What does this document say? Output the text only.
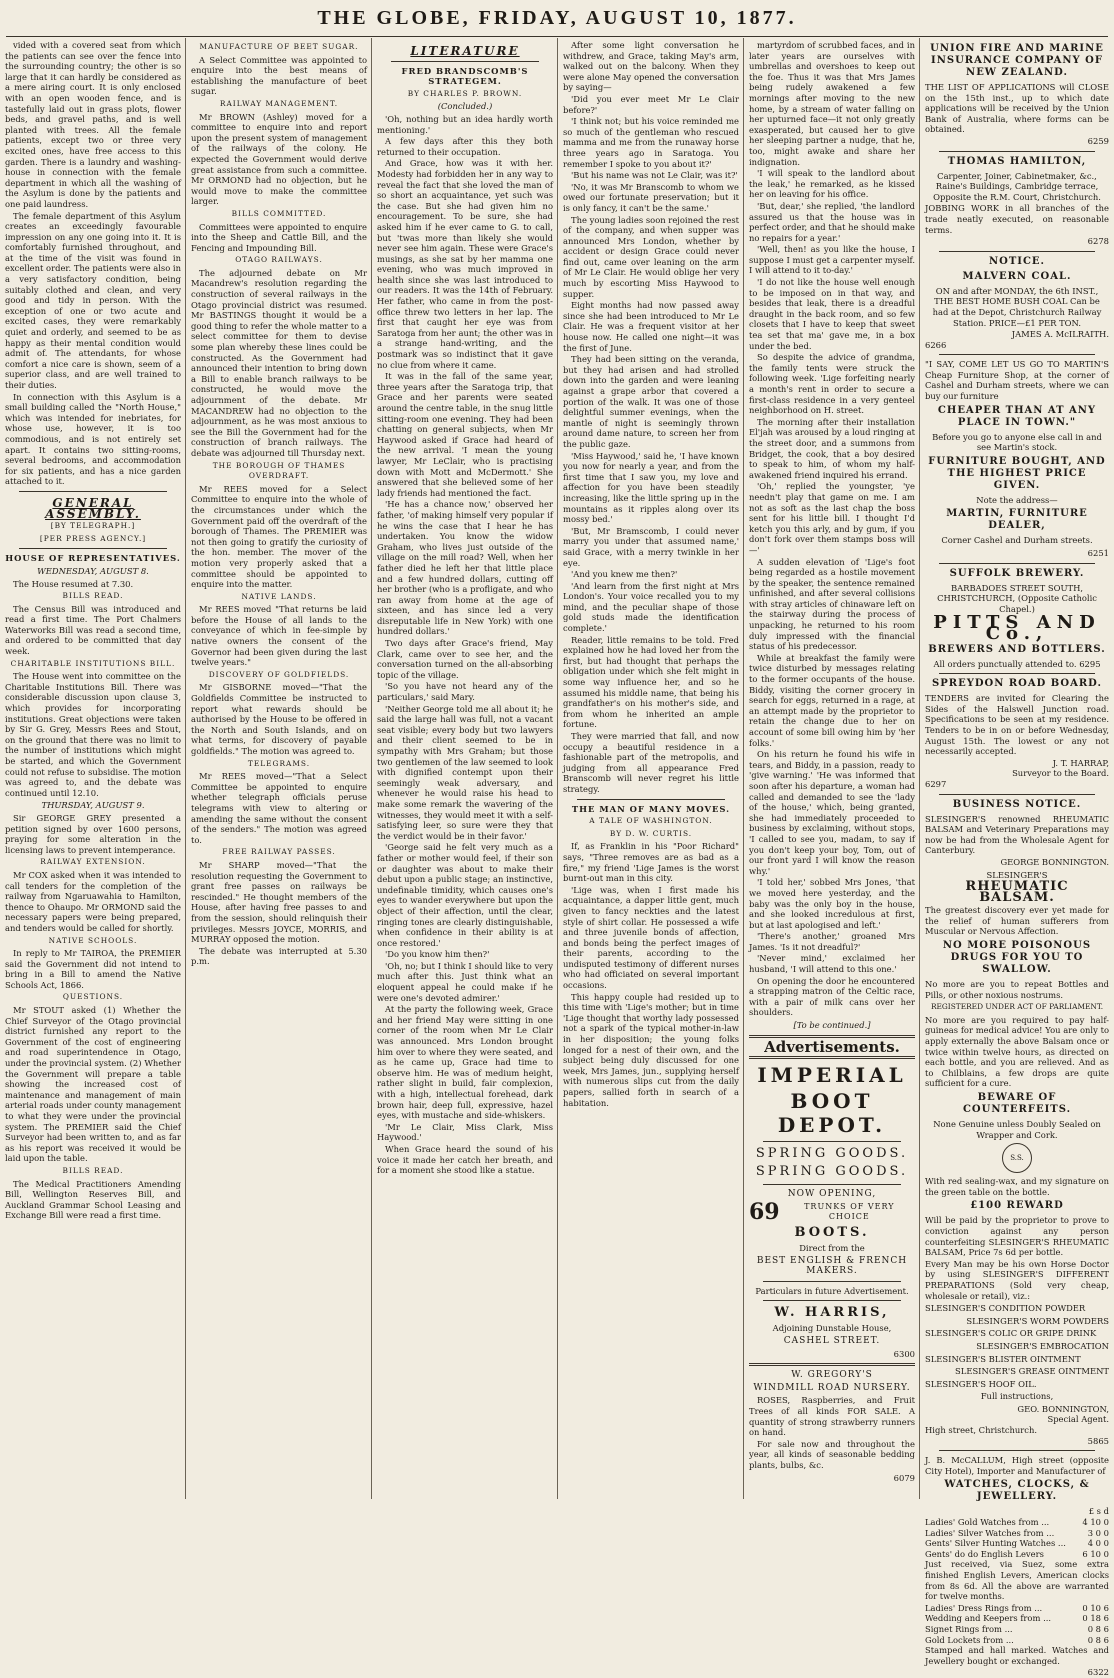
THE GLOBE, FRIDAY, AUGUST 10, 1877.

vided with a covered seat from which the patients can see over the fence into the surrounding country; the other is so large that it can hardly be considered as a mere airing court. It is only enclosed with an open wooden fence, and is tastefully laid out in grass plots, flower beds, and gravel paths, and is well planted with trees. All the female patients, except two or three very excited ones, have free access to this garden. There is a laundry and washing-house in connection with the female department in which all the washing of the Asylum is done by the patients and one paid laundress.

The female department of this Asylum creates an exceedingly favourable impression on any one going into it. It is comfortably furnished throughout, and at the time of the visit was found in excellent order. The patients were also in a very satisfactory condition, being suitably clothed and clean, and very good and tidy in person. With the exception of one or two acute and excited cases, they were remarkably quiet and orderly, and seemed to be as happy as their mental condition would admit of. The attendants, for whose comfort a nice care is shown, seem of a superior class, and are well trained to their duties.

In connection with this Asylum is a small building called the "North House," which was intended for inebriates, for whose use, however, it is too commodious, and is not entirely set apart. It contains two sitting-rooms, several bedrooms, and accommodation for six patients, and has a nice garden attached to it.

GENERAL ASSEMBLY.
[BY TELEGRAPH.]
[PER PRESS AGENCY.]
HOUSE OF REPRESENTATIVES.
WEDNESDAY, AUGUST 8.

The House resumed at 7.30.

BILLS READ.

The Census Bill was introduced and read a first time. The Port Chalmers Waterworks Bill was read a second time, and ordered to be committed that day week.

CHARITABLE INSTITUTIONS BILL.

The House went into committee on the Charitable Institutions Bill. There was considerable discussion upon clause 3, which provides for incorporating institutions. Great objections were taken by Sir G. Grey, Messrs Rees and Stout, on the ground that there was no limit to the number of institutions which might be started, and which the Government could not refuse to subsidise. The motion was agreed to, and the debate was continued until 12.10.

THURSDAY, AUGUST 9.

Sir GEORGE GREY presented a petition signed by over 1600 persons, praying for some alteration in the licensing laws to prevent intemperance.

RAILWAY EXTENSION.

Mr COX asked when it was intended to call tenders for the completion of the railway from Ngaruawahia to Hamilton, thence to Ohaupo. Mr ORMOND said the necessary papers were being prepared, and tenders would be called for shortly.

NATIVE SCHOOLS.

In reply to Mr TAIROA, the PREMIER said the Government did not intend to bring in a Bill to amend the Native Schools Act, 1866.

QUESTIONS.

Mr STOUT asked (1) Whether the Chief Surveyor of the Otago provincial district furnished any report to the Government of the cost of engineering and road superintendence in Otago, under the provincial system. (2) Whether the Government will prepare a table showing the increased cost of maintenance and management of main arterial roads under county management to what they were under the provincial system. The PREMIER said the Chief Surveyor had been written to, and as far as his report was received it would be laid upon the table.

BILLS READ.

The Medical Practitioners Amending Bill, Wellington Reserves Bill, and Auckland Grammar School Leasing and Exchange Bill were read a first time.

MANUFACTURE OF BEET SUGAR.

A Select Committee was appointed to enquire into the best means of establishing the manufacture of beet sugar.

RAILWAY MANAGEMENT.

Mr BROWN (Ashley) moved for a committee to enquire into and report upon the present system of management of the railways of the colony. He expected the Government would derive great assistance from such a committee. Mr ORMOND had no objection, but he would move to make the committee larger.

BILLS COMMITTED.

Committees were appointed to enquire into the Sheep and Cattle Bill, and the Fencing and Impounding Bill.

OTAGO RAILWAYS.

The adjourned debate on Mr Macandrew's resolution regarding the construction of several railways in the Otago provincial district was resumed. Mr BASTINGS thought it would be a good thing to refer the whole matter to a select committee for them to devise some plan whereby these lines could be constructed. As the Government had announced their intention to bring down a Bill to enable branch railways to be constructed, he would move the adjournment of the debate. Mr MACANDREW had no objection to the adjournment, as he was most anxious to see the Bill the Government had for the construction of branch railways. The debate was adjourned till Thursday next.

THE BOROUGH OF THAMES OVERDRAFT.

Mr REES moved for a Select Committee to enquire into the whole of the circumstances under which the Government paid off the overdraft of the borough of Thames. The PREMIER was not then going to gratify the curiosity of the hon. member. The mover of the motion very properly asked that a committee should be appointed to enquire into the matter.

NATIVE LANDS.

Mr REES moved "That returns be laid before the House of all lands to the conveyance of which in fee-simple by native owners the consent of the Governor had been given during the last twelve years."

DISCOVERY OF GOLDFIELDS.

Mr GISBORNE moved—"That the Goldfields Committee be instructed to report what rewards should be authorised by the House to be offered in the North and South Islands, and on what terms, for discovery of payable goldfields." The motion was agreed to.

TELEGRAMS.

Mr REES moved—"That a Select Committee be appointed to enquire whether telegraph officials peruse telegrams with view to altering or amending the same without the consent of the senders." The motion was agreed to.

FREE RAILWAY PASSES.

Mr SHARP moved—"That the resolution requesting the Government to grant free passes on railways be rescinded." He thought members of the House, after having free passes to and from the session, should relinquish their privileges. Messrs JOYCE, MORRIS, and MURRAY opposed the motion.

The debate was interrupted at 5.30 p.m.

LITERATURE
FRED BRANDSCOMB'S STRATEGEM.
BY CHARLES P. BROWN.
(Concluded.)

'Oh, nothing but an idea hardly worth mentioning.'

A few days after this they both returned to their occupation.

And Grace, how was it with her. Modesty had forbidden her in any way to reveal the fact that she loved the man of so short an acquaintance, yet such was the case. But she had given him no encouragement. To be sure, she had asked him if he ever came to G. to call, but 'twas more than likely she would never see him again. These were Grace's musings, as she sat by her mamma one evening, who was much improved in health since she was last introduced to our readers. It was the 14th of February. Her father, who came in from the post-office threw two letters in her lap. The first that caught her eye was from Saratoga from her aunt; the other was in a strange hand-writing, and the postmark was so indistinct that it gave no clue from where it came.

It was in the fall of the same year, three years after the Saratoga trip, that Grace and her parents were seated around the centre table, in the snug little sitting-room one evening. They had been chatting on general subjects, when Mr Haywood asked if Grace had heard of the new arrival. 'I mean the young lawyer, Mr LeClair, who is practising down with Mott and McDermott.' She answered that she believed some of her lady friends had mentioned the fact.

'He has a chance now,' observed her father, 'of making himself very popular if he wins the case that I hear he has undertaken. You know the widow Graham, who lives just outside of the village on the mill road? Well, when her father died he left her that little place and a few hundred dollars, cutting off her brother (who is a profligate, and who ran away from home at the age of sixteen, and has since led a very disreputable life in New York) with one hundred dollars.'

Two days after Grace's friend, May Clark, came over to see her, and the conversation turned on the all-absorbing topic of the village.

'So you have not heard any of the particulars,' said Mary.

'Neither George told me all about it; he said the large hall was full, not a vacant seat visible; every body but two lawyers and their client seemed to be in sympathy with Mrs Graham; but those two gentlemen of the law seemed to look with dignified contempt upon their seemingly weak adversary, and whenever he would raise his head to make some remark the wavering of the witnesses, they would meet it with a self-satisfying leer, so sure were they that the verdict would be in their favor.'

'George said he felt very much as a father or mother would feel, if their son or daughter was about to make their debut upon a public stage; an instinctive, undefinable timidity, which causes one's eyes to wander everywhere but upon the object of their affection, until the clear, ringing tones are clearly distinguishable, when confidence in their ability is at once restored.'

'Do you know him then?'

'Oh, no; but I think I should like to very much after this. Just think what an eloquent appeal he could make if he were one's devoted admirer.'

At the party the following week, Grace and her friend May were sitting in one corner of the room when Mr Le Clair was announced. Mrs London brought him over to where they were seated, and as he came up, Grace had time to observe him. He was of medium height, rather slight in build, fair complexion, with a high, intellectual forehead, dark brown hair, deep full, expressive, hazel eyes, with mustache and side-whiskers.

'Mr Le Clair, Miss Clark, Miss Haywood.'

When Grace heard the sound of his voice it made her catch her breath, and for a moment she stood like a statue.

After some light conversation he withdrew, and Grace, taking May's arm, walked out on the balcony. When they were alone May opened the conversation by saying—

'Did you ever meet Mr Le Clair before?'

'I think not; but his voice reminded me so much of the gentleman who rescued mamma and me from the runaway horse three years ago in Saratoga. You remember I spoke to you about it?'

'But his name was not Le Clair, was it?'

'No, it was Mr Branscomb to whom we owed our fortunate preservation; but it is only fancy, it can't be the same.'

The young ladies soon rejoined the rest of the company, and when supper was announced Mrs London, whether by accident or design Grace could never find out, came over leaning on the arm of Mr Le Clair. He would oblige her very much by escorting Miss Haywood to supper.

Eight months had now passed away since she had been introduced to Mr Le Clair. He was a frequent visitor at her house now. He called one night—it was the first of June.

They had been sitting on the veranda, but they had arisen and had strolled down into the garden and were leaning against a grape arbor that covered a portion of the walk. It was one of those delightful summer evenings, when the mantle of night is seemingly thrown around dame nature, to screen her from the public gaze.

'Miss Haywood,' said he, 'I have known you now for nearly a year, and from the first time that I saw you, my love and affection for you have been steadily increasing, like the little spring up in the mountains as it ripples along over its mossy bed.'

'But, Mr Bramscomb, I could never marry you under that assumed name,' said Grace, with a merry twinkle in her eye.

'And you knew me then?'

'And learn from the first night at Mrs London's. Your voice recalled you to my mind, and the peculiar shape of those gold studs made the identification complete.'

Reader, little remains to be told. Fred explained how he had loved her from the first, but had thought that perhaps the obligation under which she felt might in some way influence her, and so he assumed his middle name, that being his grandfather's on his mother's side, and from whom he inherited an ample fortune.

They were married that fall, and now occupy a beautiful residence in a fashionable part of the metropolis, and judging from all appearance Fred Branscomb will never regret his little strategy.

THE MAN OF MANY MOVES.
A TALE OF WASHINGTON.
BY D. W. CURTIS.

If, as Franklin in his "Poor Richard" says, "Three removes are as bad as a fire," my friend 'Lige James is the worst burnt-out man in this city.

'Lige was, when I first made his acquaintance, a dapper little gent, much given to fancy neckties and the latest style of shirt collar. He possessed a wife and three juvenile bonds of affection, and bonds being the perfect images of their parents, according to the undisputed testimony of different nurses who had officiated on several important occasions.

This happy couple had resided up to this time with 'Lige's mother; but in time 'Lige thought that worthy lady possessed not a spark of the typical mother-in-law in her disposition; the young folks longed for a nest of their own, and the subject being duly discussed for one week, Mrs James, jun., supplying herself with numerous slips cut from the daily papers, sallied forth in search of a habitation.

martyrdom of scrubbed faces, and in later years are ourselves with umbrellas and overshoes to keep out the foe. Thus it was that Mrs James being rudely awakened a few mornings after moving to the new home, by a stream of water falling on her upturned face—it not only greatly exasperated, but caused her to give her sleeping partner a nudge, that he, too, might awake and share her indignation.

'I will speak to the landlord about the leak,' he remarked, as he kissed her on leaving for his office.

'But, dear,' she replied, 'the landlord assured us that the house was in perfect order, and that he should make no repairs for a year.'

'Well, then! as you like the house, I suppose I must get a carpenter myself. I will attend to it to-day.'

'I do not like the house well enough to be imposed on in that way, and besides that leak, there is a dreadful draught in the back room, and so few closets that I have to keep that sweet tea set that ma' gave me, in a box under the bed.

So despite the advice of grandma, the family tents were struck the following week. 'Lige forfeiting nearly a month's rent in order to secure a first-class residence in a very genteel neighborhood on H. street.

The morning after their installation El'jah was aroused by a loud ringing at the street door, and a summons from Bridget, the cook, that a boy desired to speak to him, of whom my half-awakened friend inquired his errand.

'Oh,' replied the youngster, 'ye needn't play that game on me. I am not as soft as the last chap the boss sent for his little bill. I thought I'd ketch you this arly, and by gum, if you don't fork over them stamps boss will—'

A sudden elevation of 'Lige's foot being regarded as a hostile movement by the speaker, the sentence remained unfinished, and after several collisions with stray articles of chinaware left on the stairway during the process of unpacking, he returned to his room duly impressed with the financial status of his predecessor.

While at breakfast the family were twice disturbed by messages relating to the former occupants of the house. Biddy, visiting the corner grocery in search for eggs, returned in a rage, at an attempt made by the proprietor to retain the change due to her on account of some bill owing him by 'her folks.'

On his return he found his wife in tears, and Biddy, in a passion, ready to 'give warning.' 'He was informed that soon after his departure, a woman had called and demanded to see the 'lady of the house,' which, being granted, she had immediately proceeded to business by exclaiming, without stops, 'I called to see you, madam, to say if you don't keep your boy, Tom, out of our front yard I will know the reason why.'

'I told her,' sobbed Mrs Jones, 'that we moved here yesterday, and the baby was the only boy in the house, and she looked incredulous at first, but at last apologised and left.'

'There's another,' groaned Mrs James. 'Is it not dreadful?'

'Never mind,' exclaimed her husband, 'I will attend to this one.'

On opening the door he encountered a strapping matron of the Celtic race, with a pair of milk cans over her shoulders.

[To be continued.]
Advertisements.
IMPERIAL
BOOT DEPOT.
SPRING GOODS.
SPRING GOODS.
NOW OPENING,
69	TRUNKS OF VERY CHOICE
BOOTS.
Direct from the
BEST ENGLISH & FRENCH MAKERS.
Particulars in future Advertisement.
W. HARRIS,
Adjoining Dunstable House,
CASHEL STREET.
6300
W. GREGORY'S
WINDMILL ROAD NURSERY.

ROSES, Raspberries, and Fruit Trees of all kinds FOR SALE. A quantity of strong strawberry runners on hand.

For sale now and throughout the year, all kinds of seasonable bedding plants, bulbs, &c.

6079
UNION FIRE AND MARINE INSURANCE COMPANY OF NEW ZEALAND.

THE LIST OF APPLICATIONS will CLOSE on the 15th inst., up to which date applications will be received by the Union Bank of Australia, where forms can be obtained.

6259
THOMAS HAMILTON,

Carpenter, Joiner, Cabinetmaker, &c., Raine's Buildings, Cambridge terrace, Opposite the R.M. Court, Christchurch.

JOBBING WORK in all branches of the trade neatly executed, on reasonable terms.

6278
NOTICE.
MALVERN COAL.

ON and after MONDAY, the 6th INST., THE BEST HOME BUSH COAL Can be had at the Depot, Christchurch Railway Station. PRICE—£1 PER TON.

JAMES A. McILRAITH.
6266

"I SAY, COME LET US GO TO MARTIN'S Cheap Furniture Shop, at the corner of Cashel and Durham streets, where we can buy our furniture

CHEAPER THAN AT ANY PLACE IN TOWN."

Before you go to anyone else call in and see Martin's stock.

FURNITURE BOUGHT, AND THE HIGHEST PRICE GIVEN.
Note the address—
MARTIN, FURNITURE DEALER,
Corner Cashel and Durham streets.
6251
SUFFOLK BREWERY.
BARBADOES STREET SOUTH, CHRISTCHURCH, (Opposite Catholic Chapel.)
PITTS AND Co.,
BREWERS AND BOTTLERS.
All orders punctually attended to. 6295
SPREYDON ROAD BOARD.

TENDERS are invited for Clearing the Sides of the Halswell Junction road. Specifications to be seen at my residence. Tenders to be in on or before Wednesday, August 15th. The lowest or any not necessarily accepted.

J. T. HARRAP,
Surveyor to the Board.
6297
BUSINESS NOTICE.

SLESINGER'S renowned RHEUMATIC BALSAM and Veterinary Preparations may now be had from the Wholesale Agent for Canterbury.

GEORGE BONNINGTON.
SLESINGER'S
RHEUMATIC BALSAM.

The greatest discovery ever yet made for the relief of human sufferers from Muscular or Nervous Affection.

NO MORE POISONOUS DRUGS FOR YOU TO SWALLOW.

No more are you to repeat Bottles and Pills, or other noxious nostrums.

REGISTERED UNDER ACT OF PARLIAMENT.

No more are you required to pay half-guineas for medical advice! You are only to apply externally the above Balsam once or twice within twelve hours, as directed on each bottle, and you are relieved. And as to Chilblains, a few drops are quite sufficient for a cure.

BEWARE OF COUNTERFEITS.
None Genuine unless Doubly Sealed on Wrapper and Cork.
S.S.

With red sealing-wax, and my signature on the green table on the bottle.

£100 REWARD

Will be paid by the proprietor to prove to conviction against any person counterfeiting SLESINGER'S RHEUMATIC BALSAM, Price 7s 6d per bottle.

Every Man may be his own Horse Doctor by using SLESINGER'S DIFFERENT PREPARATIONS (Sold very cheap, wholesale or retail), viz.:

SLESINGER'S CONDITION POWDER
SLESINGER'S WORM POWDERS
SLESINGER'S COLIC OR GRIPE DRINK
SLESINGER'S EMBROCATION
SLESINGER'S BLISTER OINTMENT
SLESINGER'S GREASE OINTMENT
SLESINGER'S HOOF OIL.
Full instructions,
GEO. BONNINGTON,
Special Agent.
High street, Christchurch.
5865

J. B. McCALLUM, High street (opposite City Hotel), Importer and Manufacturer of

WATCHES, CLOCKS, & JEWELLERY.
	£ s d
Ladies' Gold Watches from ...	4 10 0
Ladies' Silver Watches from ...	3 0 0
Gents' Silver Hunting Watches ...	4 0 0
Gents' do do English Levers	6 10 0

Just received, via Suez, some extra finished English Levers, American clocks from 8s 6d. All the above are warranted for twelve months.

Ladies' Dress Rings from ...	0 10 6
Wedding and Keepers from ...	0 18 6
Signet Rings from ...	0 8 6
Gold Lockets from ...	0 8 6

Stamped and hall marked. Watches and Jewellery bought or exchanged.

6322
